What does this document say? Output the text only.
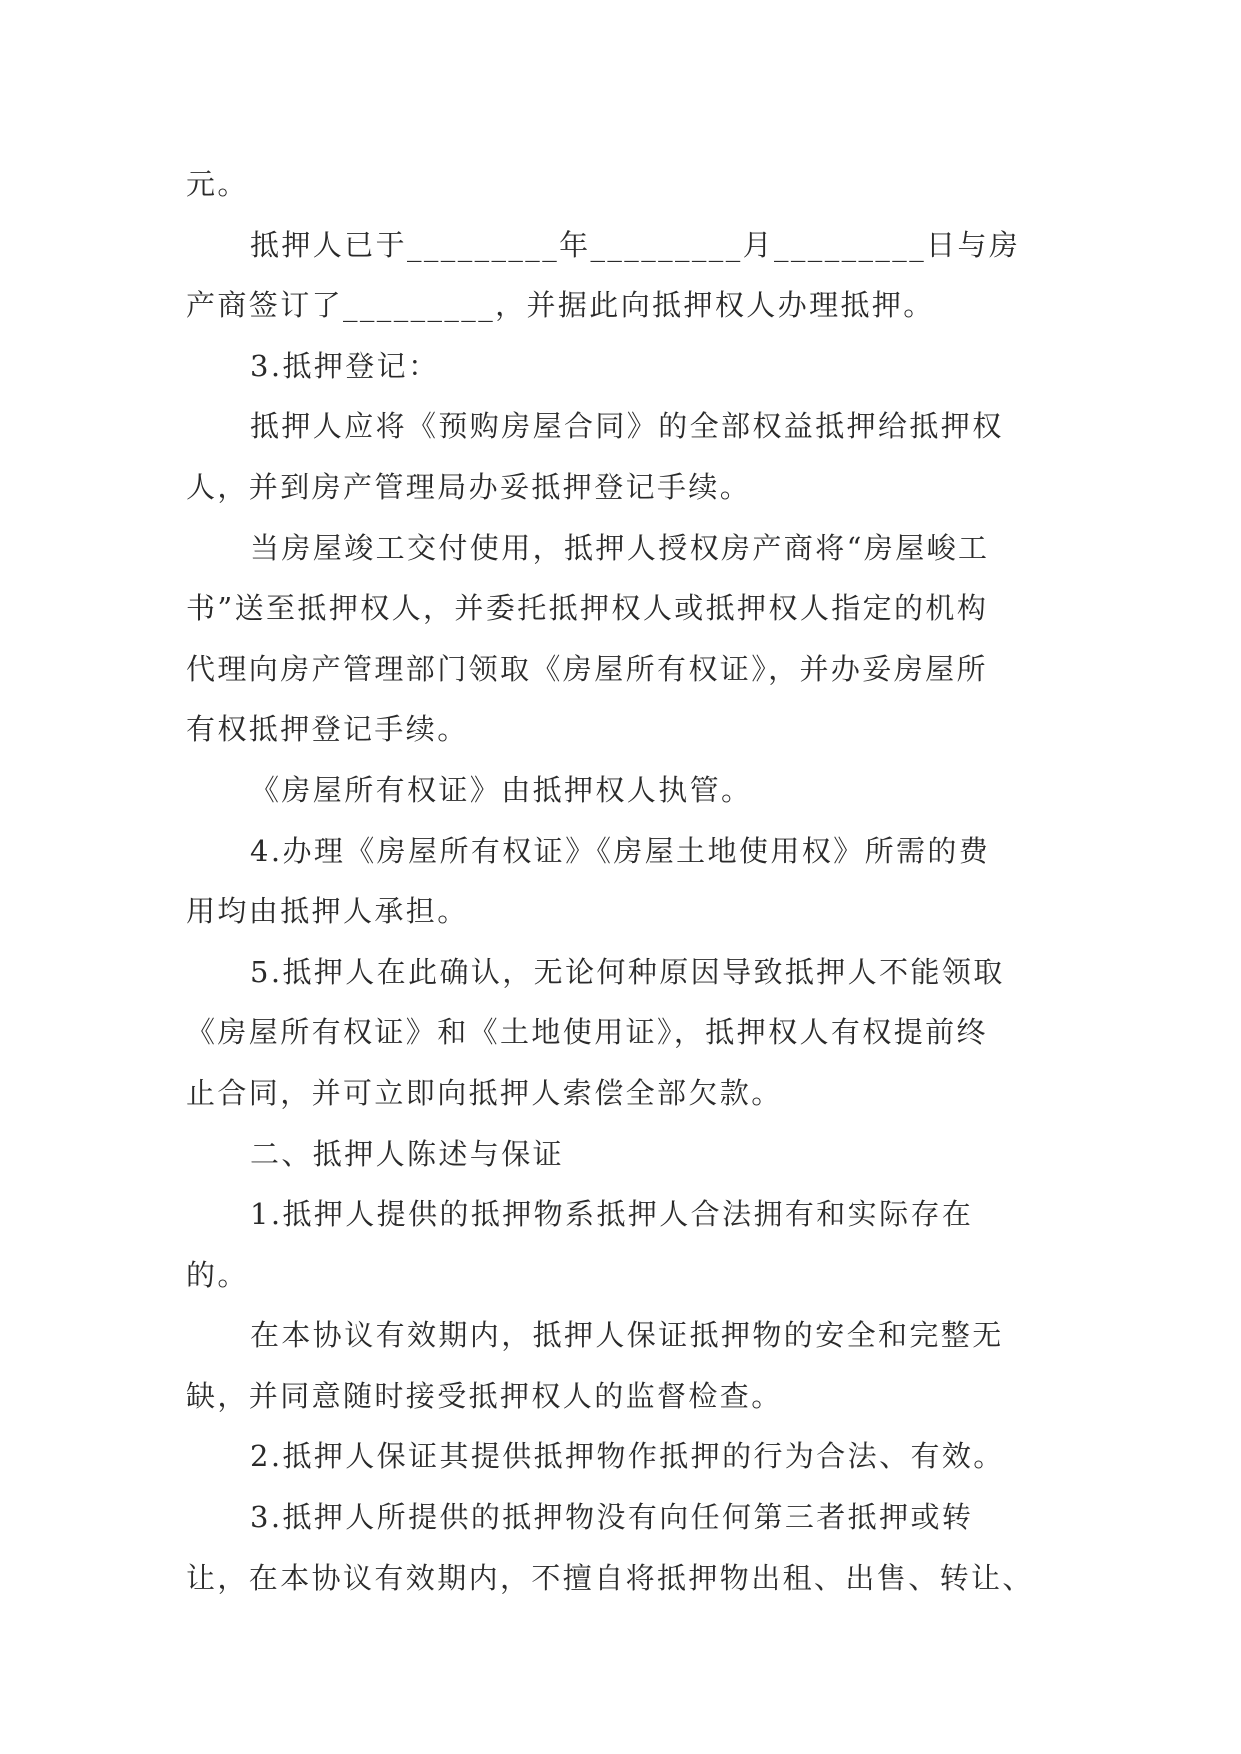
元。
抵押人已于_________年_________月_________日与房
产商签订了_________，并据此向抵押权人办理抵押。
3.抵押登记：
抵押人应将《预购房屋合同》的全部权益抵押给抵押权
人，并到房产管理局办妥抵押登记手续。
当房屋竣工交付使用，抵押人授权房产商将“房屋峻工
书”送至抵押权人，并委托抵押权人或抵押权人指定的机构
代理向房产管理部门领取《房屋所有权证》，并办妥房屋所
有权抵押登记手续。
《房屋所有权证》由抵押权人执管。
4.办理《房屋所有权证》《房屋土地使用权》所需的费
用均由抵押人承担。
5.抵押人在此确认，无论何种原因导致抵押人不能领取
《房屋所有权证》和《土地使用证》，抵押权人有权提前终
止合同，并可立即向抵押人索偿全部欠款。
二、抵押人陈述与保证
1.抵押人提供的抵押物系抵押人合法拥有和实际存在
的。
在本协议有效期内，抵押人保证抵押物的安全和完整无
缺，并同意随时接受抵押权人的监督检查。
2.抵押人保证其提供抵押物作抵押的行为合法、有效。
3.抵押人所提供的抵押物没有向任何第三者抵押或转
让，在本协议有效期内，不擅自将抵押物出租、出售、转让、
